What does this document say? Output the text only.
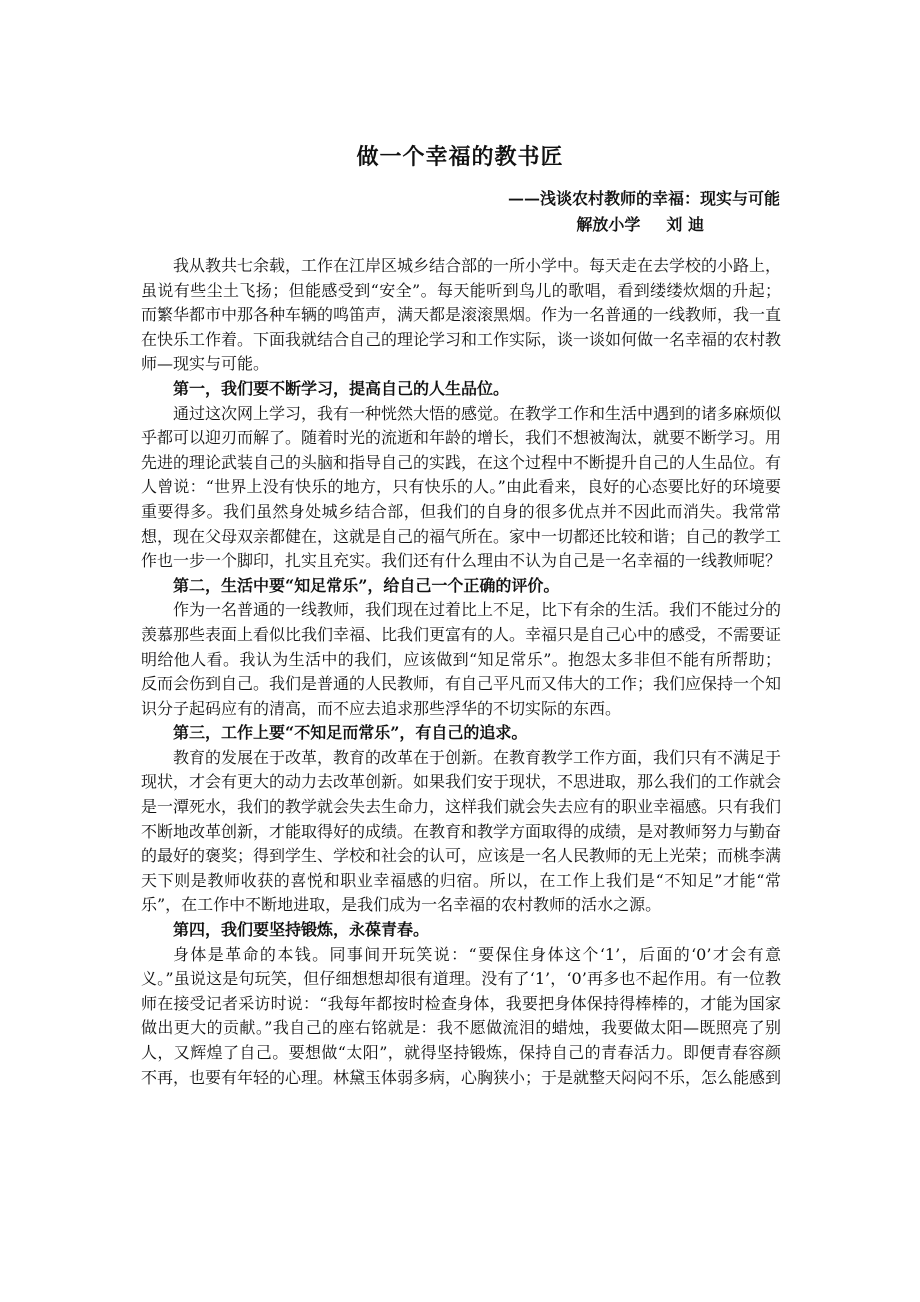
做一个幸福的教书匠
——浅谈农村教师的幸福：现实与可能
解放小学 刘 迪

我从教共七余载，工作在江岸区城乡结合部的一所小学中。每天走在去学校的小路上，虽说有些尘土飞扬；但能感受到“安全”。每天能听到鸟儿的歌唱，看到缕缕炊烟的升起；而繁华都市中那各种车辆的鸣笛声，满天都是滚滚黑烟。作为一名普通的一线教师，我一直在快乐工作着。下面我就结合自己的理论学习和工作实际，谈一谈如何做一名幸福的农村教师—现实与可能。

第一，我们要不断学习，提高自己的人生品位。

通过这次网上学习，我有一种恍然大悟的感觉。在教学工作和生活中遇到的诸多麻烦似乎都可以迎刃而解了。随着时光的流逝和年龄的增长，我们不想被淘汰，就要不断学习。用先进的理论武装自己的头脑和指导自己的实践，在这个过程中不断提升自己的人生品位。有人曾说：“世界上没有快乐的地方，只有快乐的人。”由此看来，良好的心态要比好的环境要重要得多。我们虽然身处城乡结合部，但我们的自身的很多优点并不因此而消失。我常常想，现在父母双亲都健在，这就是自己的福气所在。家中一切都还比较和谐；自己的教学工作也一步一个脚印，扎实且充实。我们还有什么理由不认为自己是一名幸福的一线教师呢？

第二，生活中要“知足常乐”，给自己一个正确的评价。

作为一名普通的一线教师，我们现在过着比上不足，比下有余的生活。我们不能过分的羡慕那些表面上看似比我们幸福、比我们更富有的人。幸福只是自己心中的感受，不需要证明给他人看。我认为生活中的我们，应该做到“知足常乐”。抱怨太多非但不能有所帮助；反而会伤到自己。我们是普通的人民教师，有自己平凡而又伟大的工作；我们应保持一个知识分子起码应有的清高，而不应去追求那些浮华的不切实际的东西。

第三，工作上要“不知足而常乐”，有自己的追求。

教育的发展在于改革，教育的改革在于创新。在教育教学工作方面，我们只有不满足于现状，才会有更大的动力去改革创新。如果我们安于现状，不思进取，那么我们的工作就会是一潭死水，我们的教学就会失去生命力，这样我们就会失去应有的职业幸福感。只有我们不断地改革创新，才能取得好的成绩。在教育和教学方面取得的成绩，是对教师努力与勤奋的最好的褒奖；得到学生、学校和社会的认可，应该是一名人民教师的无上光荣；而桃李满天下则是教师收获的喜悦和职业幸福感的归宿。所以，在工作上我们是“不知足”才能“常乐”，在工作中不断地进取，是我们成为一名幸福的农村教师的活水之源。

第四，我们要坚持锻炼，永葆青春。

身体是革命的本钱。同事间开玩笑说：“要保住身体这个‘1’，后面的‘0’才会有意义。”虽说这是句玩笑，但仔细想想却很有道理。没有了‘1’，‘0’再多也不起作用。有一位教师在接受记者采访时说：“我每年都按时检查身体，我要把身体保持得棒棒的，才能为国家做出更大的贡献。”我自己的座右铭就是：我不愿做流泪的蜡烛，我要做太阳—既照亮了别人，又辉煌了自己。要想做“太阳”，就得坚持锻炼，保持自己的青春活力。即便青春容颜不再，也要有年轻的心理。林黛玉体弱多病，心胸狭小；于是就整天闷闷不乐，怎么能感到
